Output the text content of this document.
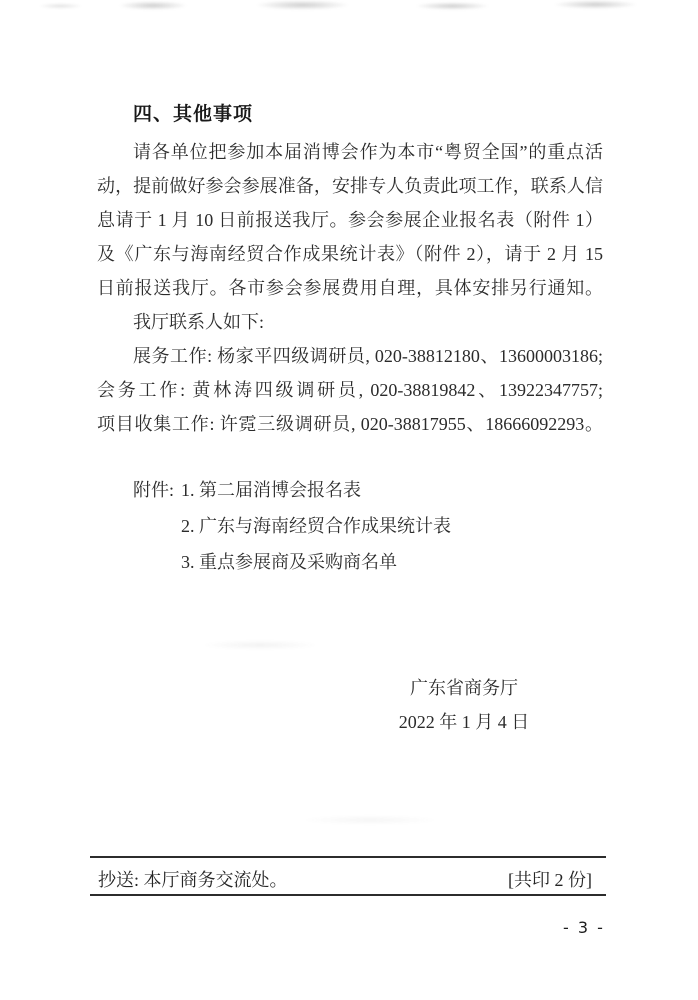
四、其他事项
请各单位把参加本届消博会作为本市“粤贸全国”的重点活
动，提前做好参会参展准备，安排专人负责此项工作，联系人信
息请于 1 月 10 日前报送我厅。参会参展企业报名表（附件 1）
及《广东与海南经贸合作成果统计表》（附件 2），请于 2 月 15
日前报送我厅。各市参会参展费用自理，具体安排另行通知。
我厅联系人如下:
展务工作: 杨家平四级调研员, 020-38812180、13600003186;
会务工作: 黄林涛四级调研员, 020-38819842、13922347757;
项目收集工作: 许霓三级调研员, 020-38817955、18666092293。
附件: 1. 第二届消博会报名表
2. 广东与海南经贸合作成果统计表
3. 重点参展商及采购商名单
广东省商务厅
2022 年 1 月 4 日
抄送: 本厅商务交流处。	[共印 2 份]
- 3 -
